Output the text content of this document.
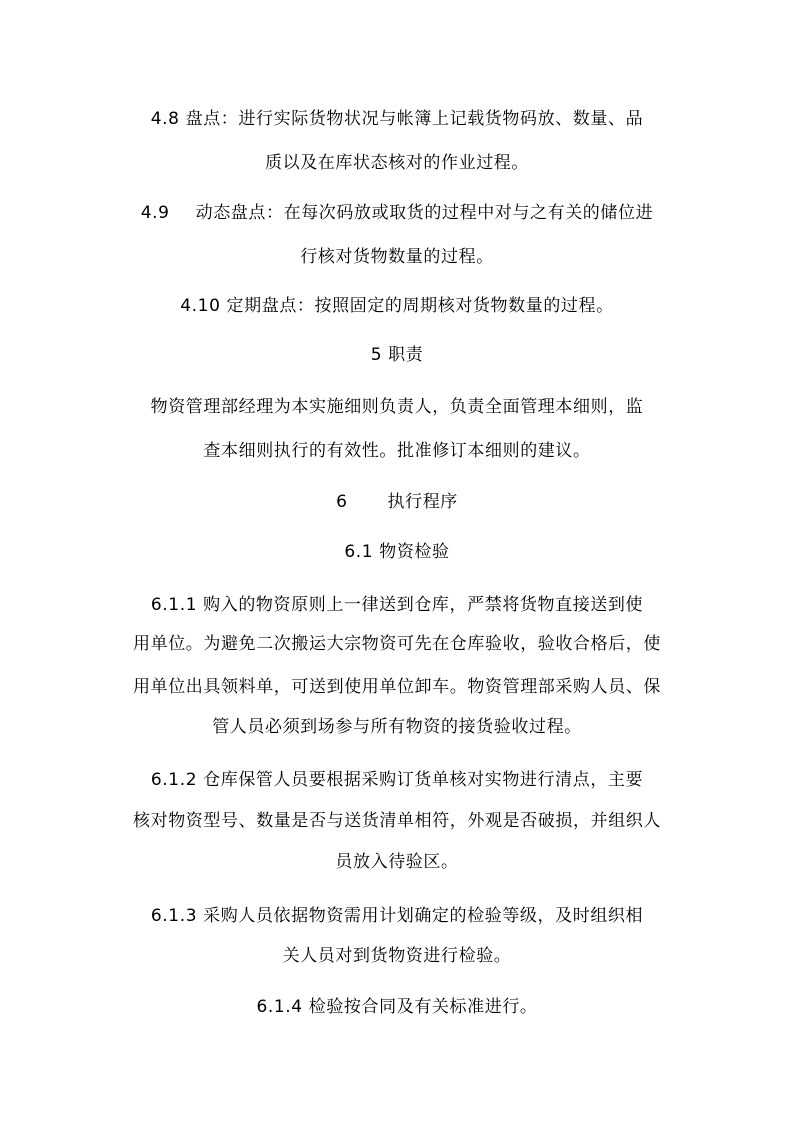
4.8 盘点：进行实际货物状况与帐簿上记载货物码放、数量、品
质以及在库状态核对的作业过程。
4.9 动态盘点：在每次码放或取货的过程中对与之有关的储位进
行核对货物数量的过程。
4.10 定期盘点：按照固定的周期核对货物数量的过程。
5 职责
物资管理部经理为本实施细则负责人，负责全面管理本细则，监
查本细则执行的有效性。批准修订本细则的建议。
6 执行程序
6.1 物资检验
6.1.1 购入的物资原则上一律送到仓库，严禁将货物直接送到使
用单位。为避免二次搬运大宗物资可先在仓库验收，验收合格后，使
用单位出具领料单，可送到使用单位卸车。物资管理部采购人员、保
管人员必须到场参与所有物资的接货验收过程。
6.1.2 仓库保管人员要根据采购订货单核对实物进行清点，主要
核对物资型号、数量是否与送货清单相符，外观是否破损，并组织人
员放入待验区。
6.1.3 采购人员依据物资需用计划确定的检验等级，及时组织相
关人员对到货物资进行检验。
6.1.4 检验按合同及有关标准进行。
